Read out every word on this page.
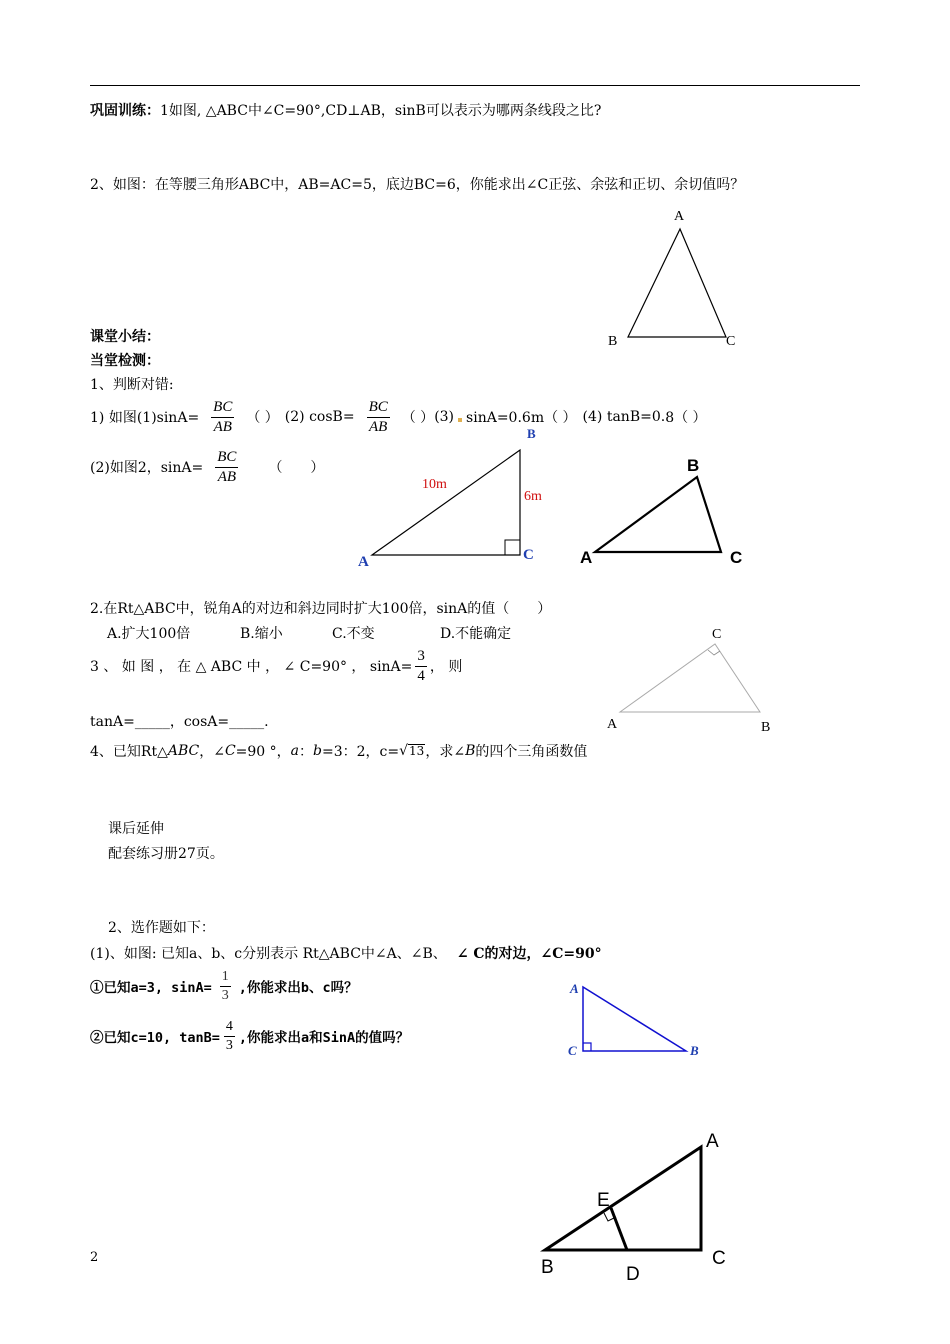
巩固训练：1如图, △ABC中∠C=90°,CD⊥AB，sinB可以表示为哪两条线段之比?
2、如图：在等腰三角形ABC中，AB=AC=5，底边BC=6，你能求出∠C正弦、余弦和正切、余切值吗？
A
B	C
课堂小结：
当堂检测：
1、判断对错:
1) 如图$(1)\sin A= \frac{BC}{AB}$ （ ） (2) $\cos B= \frac{BC}{AB}$ （ ） (3) sinA=0.6m（ ） (4) tanB=0. 8（ ）
(2)如图2，$\sin A= \frac{BC}{AB}$ （　　）
B
A	C
10m
6m
B
A	C
2.在Rt△ABC中，锐角A的对边和斜边同时扩大100倍，sinA的值（　　）
A.扩大100倍	B.缩小	C.不变	D.不能确定
3 、 如 图 ， 在 △ ABC 中 ， ∠ C=90° ， $\sin A= \frac{3}{4}$ ， 则
tanA=_____，cosA=_____.
C
A	B
4、已知Rt△ ABC ，∠ C =90 °， a ： b =3：2，c= √ 13 ，求∠ B 的四个三角函数值
课后延伸
配套练习册27页。
2、选作题如下：
(1)、如图: 已知a、b、c分别表示 Rt△ABC中∠A、∠B、 ∠ C的对边，∠C=90°
①已知a=3, $\sin A= \frac{1}{3}$ ,你能求出b、c吗？
②已知c=10, $\tan B= \frac{4}{3}$ ,你能求出a和SinA的值吗？
A
C	B
A
E
B	D
C
2
